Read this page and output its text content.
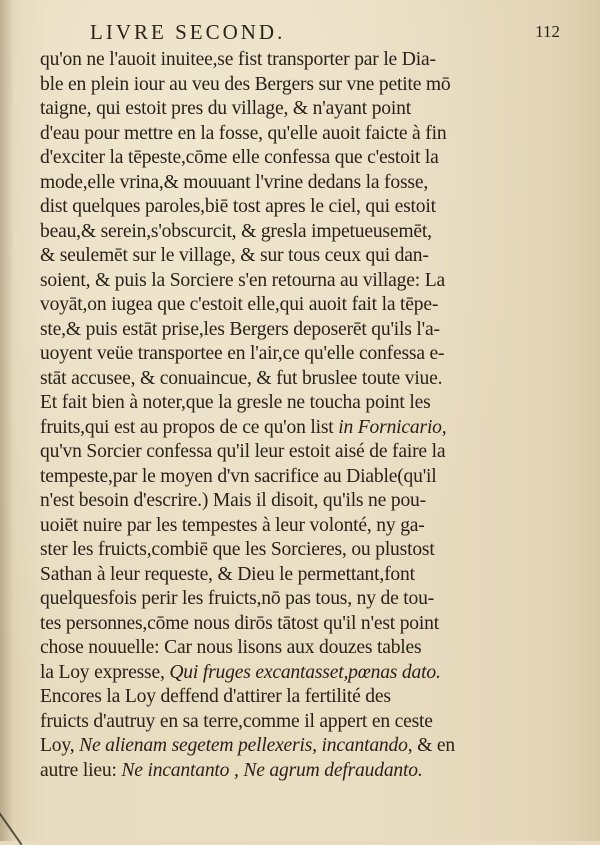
LIVRE SECOND.	112
qu'on ne l'auoit inuitee,se fist transporter par le Dia-
ble en plein iour au veu des Bergers sur vne petite mō
taigne, qui estoit pres du village, & n'ayant point
d'eau pour mettre en la fosse, qu'elle auoit faicte à fin
d'exciter la tēpeste,cōme elle confessa que c'estoit la
mode,elle vrina,& mouuant l'vrine dedans la fosse,
dist quelques paroles,biē tost apres le ciel, qui estoit
beau,& serein,s'obscurcit, & gresla impetueusemēt,
& seulemēt sur le village, & sur tous ceux qui dan-
soient, & puis la Sorciere s'en retourna au village: La
voyāt,on iugea que c'estoit elle,qui auoit fait la tēpe-
ste,& puis estāt prise,les Bergers deposerēt qu'ils l'a-
uoyent veüe transportee en l'air,ce qu'elle confessa e-
stāt accusee, & conuaincue, & fut bruslee toute viue.
Et fait bien à noter,que la gresle ne toucha point les
fruits,qui est au propos de ce qu'on list in Fornicario,
qu'vn Sorcier confessa qu'il leur estoit aisé de faire la
tempeste,par le moyen d'vn sacrifice au Diable(qu'il
n'est besoin d'escrire.) Mais il disoit, qu'ils ne pou-
uoiēt nuire par les tempestes à leur volonté, ny ga-
ster les fruicts,combiē que les Sorcieres, ou plustost
Sathan à leur requeste, & Dieu le permettant,font
quelquesfois perir les fruicts,nō pas tous, ny de tou-
tes personnes,cōme nous dirōs tātost qu'il n'est point
chose nouuelle: Car nous lisons aux douzes tables
la Loy expresse, Qui fruges excantasset,pœnas dato.
Encores la Loy deffend d'attirer la fertilité des
fruicts d'autruy en sa terre,comme il appert en ceste
Loy, Ne alienam segetem pellexeris, incantando, & en
autre lieu: Ne incantanto , Ne agrum defraudanto.
